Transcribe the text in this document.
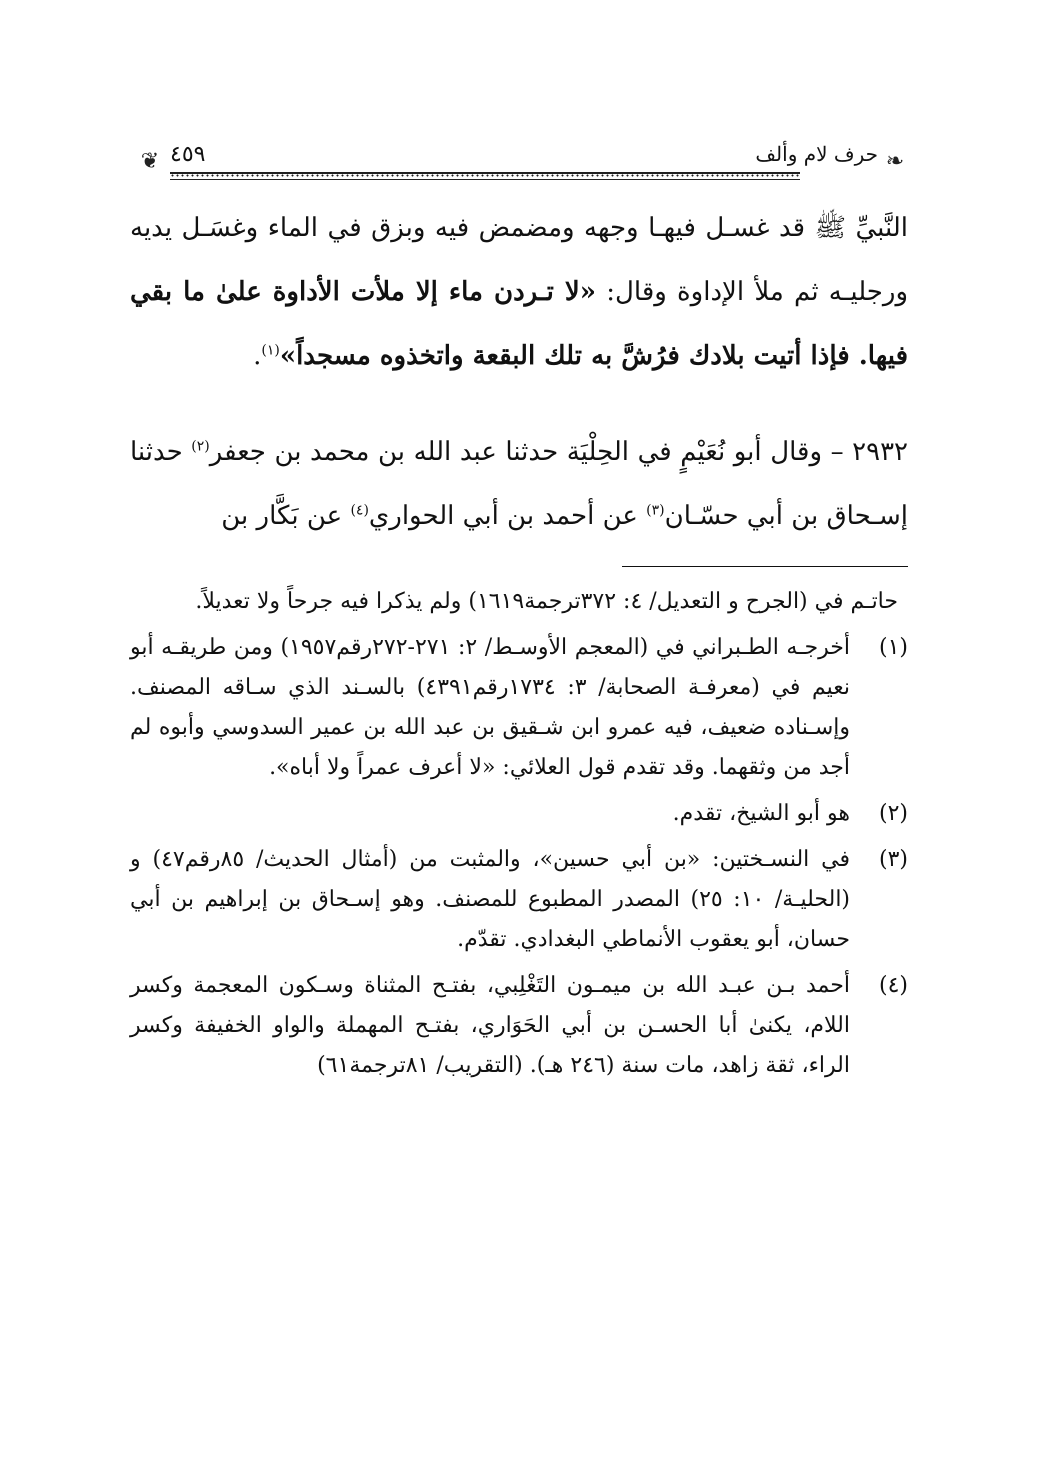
❦ ٤٥٩	حرف لام وألف ❧

النَّبيِّ ﷺ قد غسـل فيهـا وجهه ومضمض فيه وبزق في الماء وغسَـل يديه ورجليـه ثم ملأ الإداوة وقال: «لا تـردن ماء إلا ملأت الأداوة علىٰ ما بقي فيها. فإذا أتيت بلادك فرُشَّ به تلك البقعة واتخذوه مسجداً»$^{(١)}$.

٢٩٣٢ – وقال أبو نُعَيْمٍ في الحِلْيَة حدثنا عبد الله بن محمد بن جعفر$^{(٢)}$ حدثنا إسـحاق بن أبي حسّـان$^{(٣)}$ عن أحمد بن أبي الحواري$^{(٤)}$ عن بَكَّار بن

حاتـم في (الجرح و التعديل/ ٤: ٣٧٢ترجمة١٦١٩) ولم يذكرا فيه جرحاً ولا تعديلاً.
(١)
أخرجـه الطـبراني في (المعجم الأوسـط/ ٢: ٢٧١-٢٧٢رقم١٩٥٧) ومن طريقـه أبو نعيم في (معرفـة الصحابة/ ٣: ١٧٣٤رقم٤٣٩١) بالسـند الذي سـاقه المصنف. وإسـناده ضعيف، فيه عمرو ابن شـقيق بن عبد الله بن عمير السدوسي وأبوه لم أجد من وثقهما. وقد تقدم قول العلائي: «لا أعرف عمراً ولا أباه».
(٢)
هو أبو الشيخ، تقدم.
(٣)
في النسـختين: «بن أبي حسين»، والمثبت من (أمثال الحديث/ ٨٥رقم٤٧) و (الحليـة/ ١٠: ٢٥) المصدر المطبوع للمصنف. وهو إسـحاق بن إبراهيم بن أبي حسان، أبو يعقوب الأنماطي البغدادي. تقدّم.
(٤)
أحمد بـن عبـد الله بن ميمـون التَغْلِبي، بفتـح المثناة وسـكون المعجمة وكسر اللام، يكنىٰ أبا الحسـن بن أبي الحَوَاري، بفتـح المهملة والواو الخفيفة وكسر الراء، ثقة زاهد، مات سنة (٢٤٦ هـ). (التقريب/ ٨١ترجمة٦١)
